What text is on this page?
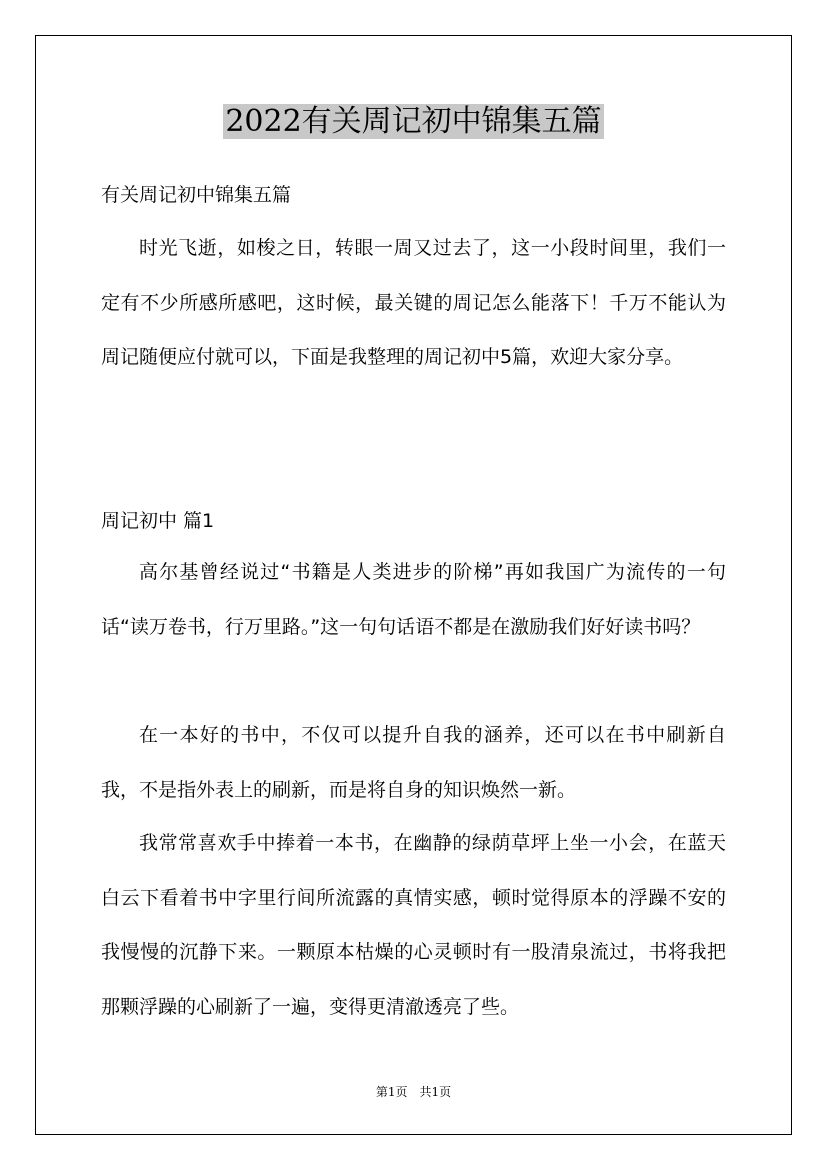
2022有关周记初中锦集五篇
有关周记初中锦集五篇

时光飞逝，如梭之日，转眼一周又过去了，这一小段时间里，我们一定有不少所感所感吧，这时候，最关键的周记怎么能落下！千万不能认为周记随便应付就可以，下面是我整理的周记初中5篇，欢迎大家分享。

周记初中 篇1

高尔基曾经说过“书籍是人类进步的阶梯”再如我国广为流传的一句话“读万卷书，行万里路。”这一句句话语不都是在激励我们好好读书吗？

在一本好的书中，不仅可以提升自我的涵养，还可以在书中刷新自我，不是指外表上的刷新，而是将自身的知识焕然一新。

我常常喜欢手中捧着一本书，在幽静的绿荫草坪上坐一小会，在蓝天白云下看着书中字里行间所流露的真情实感，顿时觉得原本的浮躁不安的我慢慢的沉静下来。一颗原本枯燥的心灵顿时有一股清泉流过，书将我把那颗浮躁的心刷新了一遍，变得更清澈透亮了些。

第1页 共1页
